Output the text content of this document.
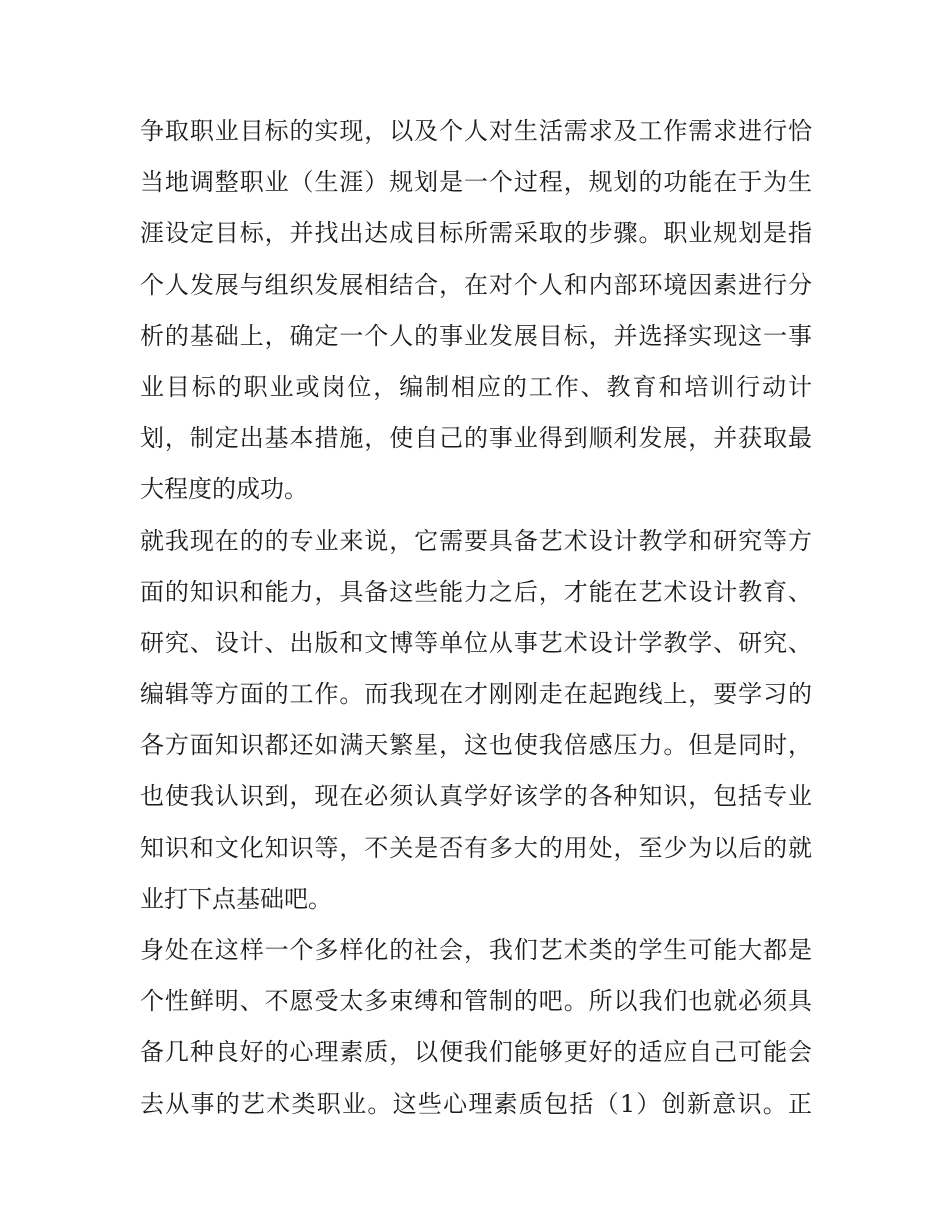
争取职业目标的实现，以及个人对生活需求及工作需求进行恰
当地调整职业（生涯）规划是一个过程，规划的功能在于为生
涯设定目标，并找出达成目标所需采取的步骤。职业规划是指
个人发展与组织发展相结合，在对个人和内部环境因素进行分
析的基础上，确定一个人的事业发展目标，并选择实现这一事
业目标的职业或岗位，编制相应的工作、教育和培训行动计
划，制定出基本措施，使自己的事业得到顺利发展，并获取最
大程度的成功。
就我现在的的专业来说，它需要具备艺术设计教学和研究等方
面的知识和能力，具备这些能力之后，才能在艺术设计教育、
研究、设计、出版和文博等单位从事艺术设计学教学、研究、
编辑等方面的工作。而我现在才刚刚走在起跑线上，要学习的
各方面知识都还如满天繁星，这也使我倍感压力。但是同时，
也使我认识到，现在必须认真学好该学的各种知识，包括专业
知识和文化知识等，不关是否有多大的用处，至少为以后的就
业打下点基础吧。
身处在这样一个多样化的社会，我们艺术类的学生可能大都是
个性鲜明、不愿受太多束缚和管制的吧。所以我们也就必须具
备几种良好的心理素质，以便我们能够更好的适应自己可能会
去从事的艺术类职业。这些心理素质包括（1）创新意识。正
